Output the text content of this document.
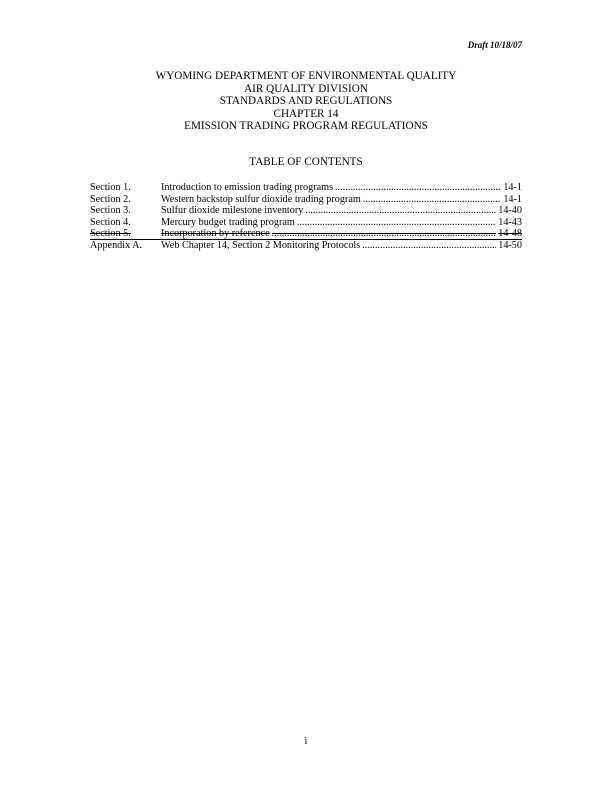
Draft 10/18/07
WYOMING DEPARTMENT OF ENVIRONMENTAL QUALITY
AIR QUALITY DIVISION
STANDARDS AND REGULATIONS
CHAPTER 14
EMISSION TRADING PROGRAM REGULATIONS
TABLE OF CONTENTS
Section 1.	Introduction to emission trading programs .....	14-1
Section 2.	Western backstop sulfur dioxide trading program .....	14-1
Section 3.	Sulfur dioxide milestone inventory .....	14-40
Section 4.	Mercury budget trading program .....	14-43
Section 5.	Incorporation by reference .....	14-48
Appendix A.	Web Chapter 14, Section 2 Monitoring Protocols .....	14-50
i
